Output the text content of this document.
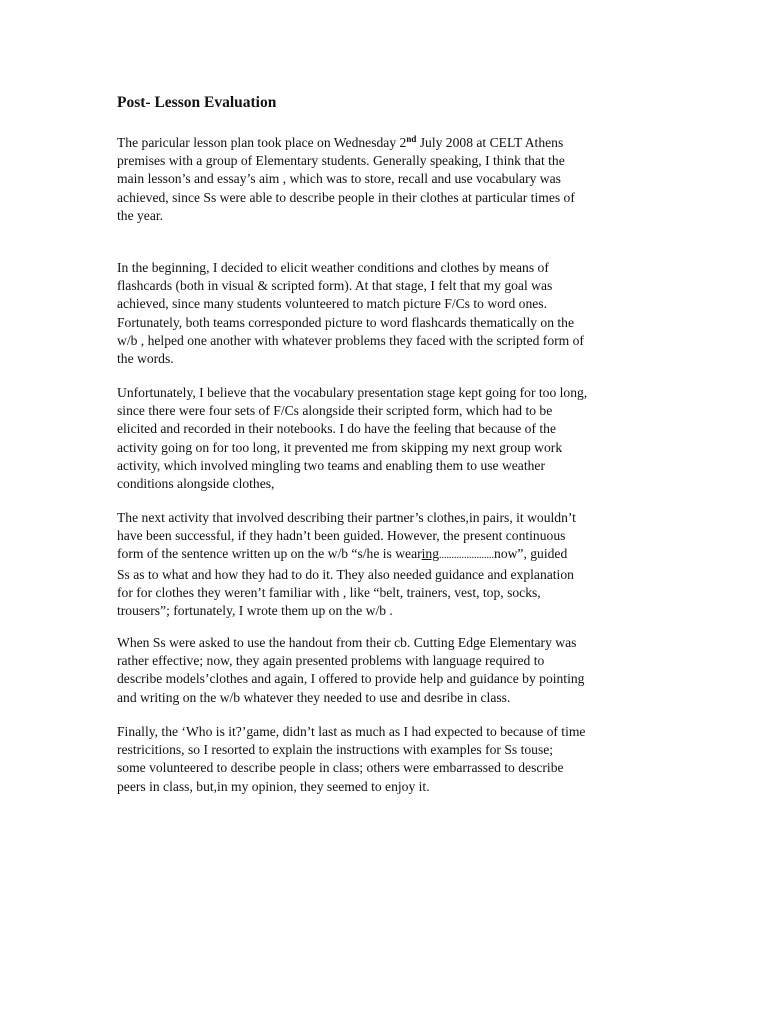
Post- Lesson Evaluation
The paricular lesson plan took place on Wednesday 2nd July 2008 at CELT Athens
premises with a group of Elementary students. Generally speaking, I think that the
main lesson’s and essay’s aim , which was to store, recall and use vocabulary was
achieved, since Ss were able to describe people in their clothes at particular times of
the year.
In the beginning, I decided to elicit weather conditions and clothes by means of
flashcards (both in visual & scripted form). At that stage, I felt that my goal was
achieved, since many students volunteered to match picture F/Cs to word ones.
Fortunately, both teams corresponded picture to word flashcards thematically on the
w/b , helped one another with whatever problems they faced with the scripted form of
the words.
Unfortunately, I believe that the vocabulary presentation stage kept going for too long,
since there were four sets of F/Cs alongside their scripted form, which had to be
elicited and recorded in their notebooks. I do have the feeling that because of the
activity going on for too long, it prevented me from skipping my next group work
activity, which involved mingling two teams and enabling them to use weather
conditions alongside clothes,
The next activity that involved describing their partner’s clothes,in pairs, it wouldn’t
have been successful, if they hadn’t been guided. However, the present continuous
form of the sentence written up on the w/b “s/he is wearing......................now”, guided
Ss as to what and how they had to do it. They also needed guidance and explanation
for for clothes they weren’t familiar with , like “belt, trainers, vest, top, socks,
trousers”; fortunately, I wrote them up on the w/b .
When Ss were asked to use the handout from their cb. Cutting Edge Elementary was
rather effective; now, they again presented problems with language required to
describe models’clothes and again, I offered to provide help and guidance by pointing
and writing on the w/b whatever they needed to use and desribe in class.
Finally, the ‘Who is it?’game, didn’t last as much as I had expected to because of time
restricitions, so I resorted to explain the instructions with examples for Ss touse;
some volunteered to describe people in class; others were embarrassed to describe
peers in class, but,in my opinion, they seemed to enjoy it.
